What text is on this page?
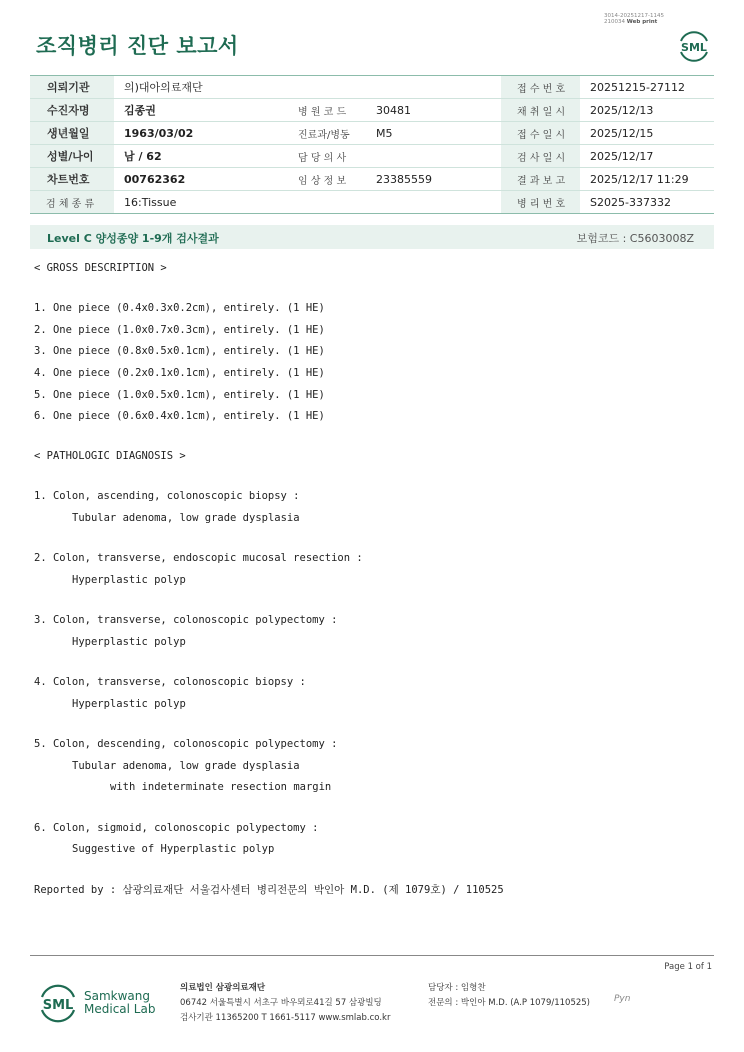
3014-20251217-1145
210034 Web print
조직병리 진단 보고서	SML
의뢰기관	의)대아의료재단			접 수 번 호	20251215-27112
수진자명	김종권	병 원 코 드	30481	채 취 일 시	2025/12/13
생년월일	1963/03/02	진료과/병동	M5	접 수 일 시	2025/12/15
성별/나이	남 / 62	담 당 의 사		검 사 일 시	2025/12/17
차트번호	00762362	임 상 정 보	23385559	결 과 보 고	2025/12/17 11:29
검 체 종 류	16:Tissue			병 리 번 호	S2025-337332
Level C 양성종양 1-9개 검사결과	보험코드 : C5603008Z
< GROSS DESCRIPTION >
1. One piece (0.4x0.3x0.2cm), entirely. (1 HE)
2. One piece (1.0x0.7x0.3cm), entirely. (1 HE)
3. One piece (0.8x0.5x0.1cm), entirely. (1 HE)
4. One piece (0.2x0.1x0.1cm), entirely. (1 HE)
5. One piece (1.0x0.5x0.1cm), entirely. (1 HE)
6. One piece (0.6x0.4x0.1cm), entirely. (1 HE)
< PATHOLOGIC DIAGNOSIS >
1. Colon, ascending, colonoscopic biopsy :
Tubular adenoma, low grade dysplasia
2. Colon, transverse, endoscopic mucosal resection :
Hyperplastic polyp
3. Colon, transverse, colonoscopic polypectomy :
Hyperplastic polyp
4. Colon, transverse, colonoscopic biopsy :
Hyperplastic polyp
5. Colon, descending, colonoscopic polypectomy :
Tubular adenoma, low grade dysplasia
with indeterminate resection margin
6. Colon, sigmoid, colonoscopic polypectomy :
Suggestive of Hyperplastic polyp
Reported by : 삼광의료재단 서울검사센터 병리전문의 박인아 M.D. (제 1079호) / 110525
Page 1 of 1
SML
Samkwang
Medical Lab
의료법인 삼광의료재단
06742 서울특별시 서초구 바우뫼로41길 57 삼광빌딩
검사기관 11365200 T 1661-5117 www.smlab.co.kr
담당자 : 임형찬
전문의 : 박인아 M.D. (A.P 1079/110525)	Pyn
